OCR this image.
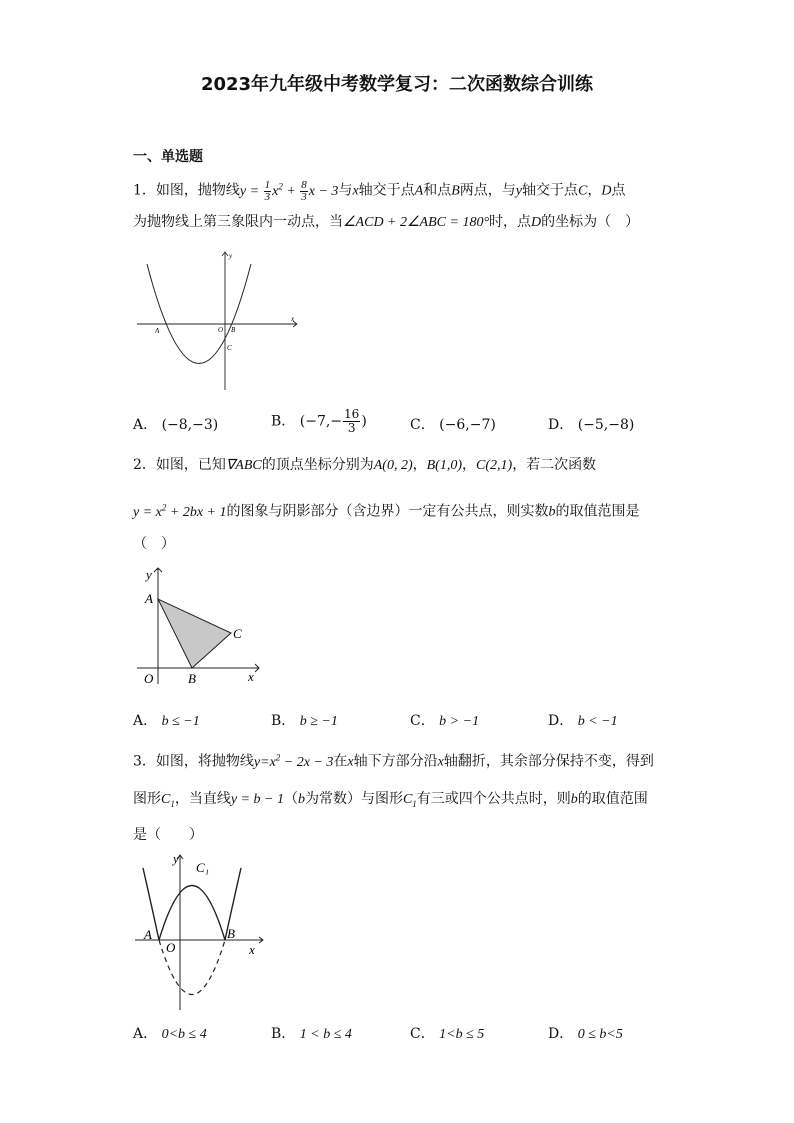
2023年九年级中考数学复习：二次函数综合训练
一、单选题
1．如图，抛物线$y = \frac{1}{3} x^2 + \frac{8}{3}$ x − 3与x轴交于点A和点B两点，与y轴交于点C，D点
为抛物线上第三象限内一动点，当∠ACD + 2∠ABC = 180°时，点D的坐标为（　）
y
x
A	O B
C
A． (−8,−3)	B． ($-7,- \frac{16}{3}$ )	C． (−6,−7)	D． (−5,−8)
2．如图，已知∇ABC的顶点坐标分别为A(0, 2)，B(1,0)，C(2,1)，若二次函数
$y = x^2 + 2bx + 1$的图象与阴影部分（含边界）一定有公共点，则实数b的取值范围是
（　）
y
x
A
O	B
C
A． b ≤ −1	B． b ≥ −1	C． b > −1	D． b < −1
3．如图，将抛物线$y=x^2 - 2x - 3$在x轴下方部分沿x轴翻折，其余部分保持不变，得到
图形$C_1$，当直线y = b − 1（b为常数）与图形$C_1$有三或四个公共点时，则b的取值范围
是（　　）
y
x
A
O
B
C₁
A． 0<b ≤ 4	B． 1 < b ≤ 4	C． 1<b ≤ 5	D． 0 ≤ b<5
